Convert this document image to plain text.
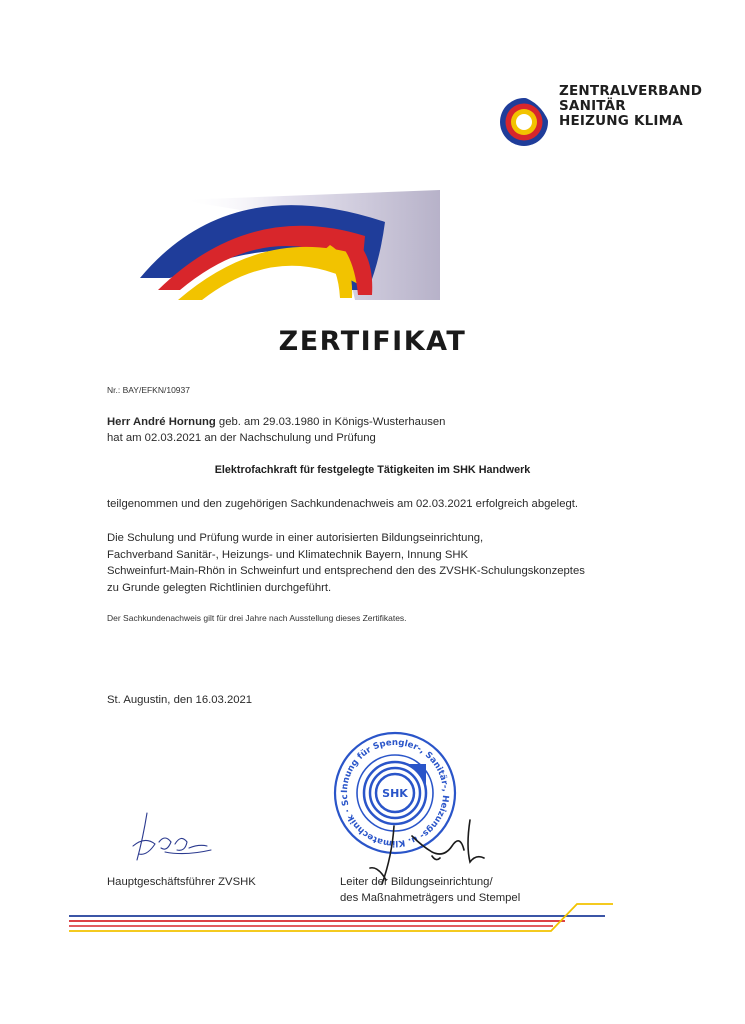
ZENTRALVERBAND
SANITÄR
HEIZUNG KLIMA
ZERTIFIKAT
Nr.: BAY/EFKN/10937
Herr André Hornung geb. am 29.03.1980 in Königs-Wusterhausen
hat am 02.03.2021 an der Nachschulung und Prüfung
Elektrofachkraft für festgelegte Tätigkeiten im SHK Handwerk
teilgenommen und den zugehörigen Sachkundenachweis am 02.03.2021 erfolgreich abgelegt.
Die Schulung und Prüfung wurde in einer autorisierten Bildungseinrichtung,
Fachverband Sanitär-, Heizungs- und Klimatechnik Bayern, Innung SHK
Schweinfurt-Main-Rhön in Schweinfurt und entsprechend den des ZVSHK-Schulungskonzeptes
zu Grunde gelegten Richtlinien durchgeführt.
Der Sachkundenachweis gilt für drei Jahre nach Ausstellung dieses Zertifikates.
St. Augustin, den 16.03.2021
Hauptgeschäftsführer ZVSHK
Innung für Spengler-, Sanitär-, Heizungs- u. Klimatechnik · Sc	SHK
Leiter der Bildungseinrichtung/
des Maßnahmeträgers und Stempel
